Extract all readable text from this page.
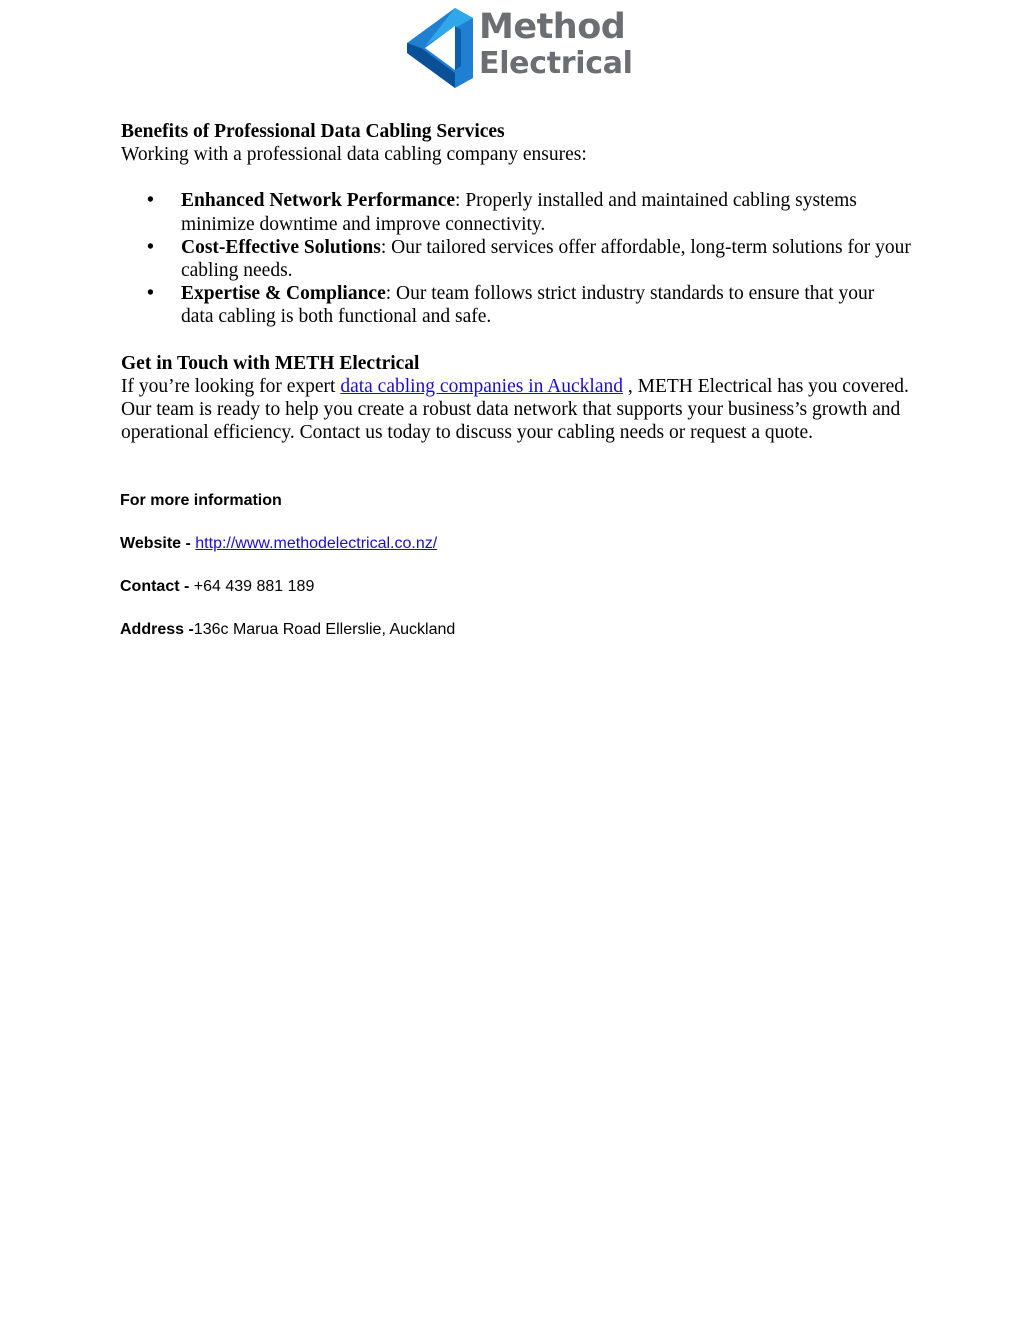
Method
Electrical

Benefits of Professional Data Cabling Services

Working with a professional data cabling company ensures:

• Enhanced Network Performance: Properly installed and maintained cabling systems minimize downtime and improve connectivity.
• Cost-Effective Solutions: Our tailored services offer affordable, long-term solutions for your cabling needs.
• Expertise & Compliance: Our team follows strict industry standards to ensure that your data cabling is both functional and safe.

Get in Touch with METH Electrical

If you’re looking for expert data cabling companies in Auckland , METH Electrical has you covered. Our team is ready to help you create a robust data network that supports your business’s growth and operational efficiency. Contact us today to discuss your cabling needs or request a quote.

For more information

Website - http://www.methodelectrical.co.nz/

Contact - +64 439 881 189

Address -136c Marua Road Ellerslie, Auckland
